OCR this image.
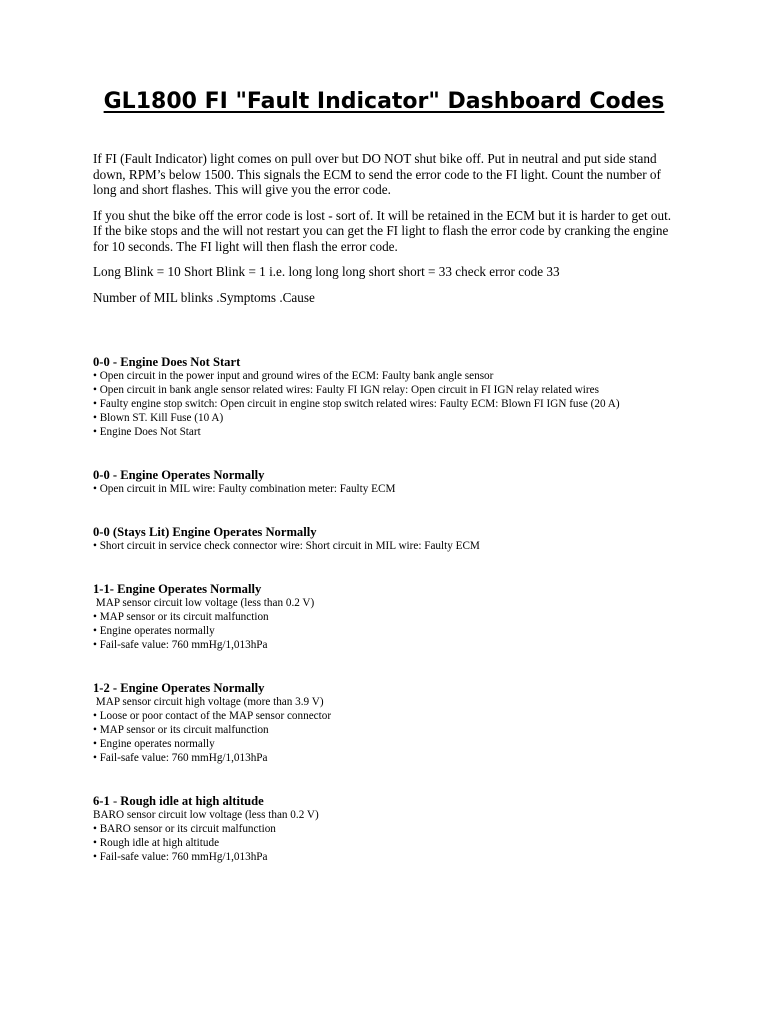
GL1800 FI "Fault Indicator" Dashboard Codes

If FI (Fault Indicator) light comes on pull over but DO NOT shut bike off. Put in neutral and put side stand down, RPM’s below 1500. This signals the ECM to send the error code to the FI light. Count the number of long and short flashes. This will give you the error code.

If you shut the bike off the error code is lost - sort of. It will be retained in the ECM but it is harder to get out. If the bike stops and the will not restart you can get the FI light to flash the error code by cranking the engine for 10 seconds. The FI light will then flash the error code.

Long Blink = 10 Short Blink = 1 i.e. long long long short short = 33 check error code 33

Number of MIL blinks .Symptoms .Cause

0-0 - Engine Does Not Start

• Open circuit in the power input and ground wires of the ECM: Faulty bank angle sensor

• Open circuit in bank angle sensor related wires: Faulty FI IGN relay: Open circuit in FI IGN relay related wires

• Faulty engine stop switch: Open circuit in engine stop switch related wires: Faulty ECM: Blown FI IGN fuse (20 A)

• Blown ST. Kill Fuse (10 A)

• Engine Does Not Start

0-0 - Engine Operates Normally

• Open circuit in MIL wire: Faulty combination meter: Faulty ECM

0-0 (Stays Lit) Engine Operates Normally

• Short circuit in service check connector wire: Short circuit in MIL wire: Faulty ECM

1-1- Engine Operates Normally

MAP sensor circuit low voltage (less than 0.2 V)

• MAP sensor or its circuit malfunction

• Engine operates normally

• Fail-safe value: 760 mmHg/1,013hPa

1-2 - Engine Operates Normally

MAP sensor circuit high voltage (more than 3.9 V)

• Loose or poor contact of the MAP sensor connector

• MAP sensor or its circuit malfunction

• Engine operates normally

• Fail-safe value: 760 mmHg/1,013hPa

6-1 - Rough idle at high altitude

BARO sensor circuit low voltage (less than 0.2 V)

• BARO sensor or its circuit malfunction

• Rough idle at high altitude

• Fail-safe value: 760 mmHg/1,013hPa
